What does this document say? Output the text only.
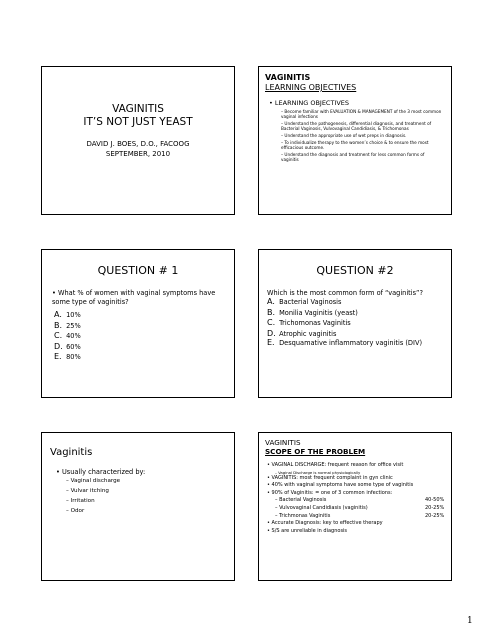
VAGINITIS
IT’S NOT JUST YEAST
DAVID J. BOES, D.O., FACOOG
SEPTEMBER, 2010
VAGINITIS
LEARNING OBJECTIVES
• LEARNING OBJECTIVES
– Become familiar with EVALUATION & MANAGEMENT of the 3 most common vaginal infections
– Understand the pathogenesis, differential diagnosis, and treatment of Bacterial Vaginosis, Vulvovaginal Candidiasis, & Trichomonas
– Understand the appropriate use of wet preps in diagnosis.
– To individualize therapy to the women’s choice & to ensure the most efficacious outcome.
– Understand the diagnosis and treatment for less common forms of vaginitis
QUESTION # 1
• What % of women with vaginal symptoms have some type of vaginitis?
A. 10%
B. 25%
C. 40%
D. 60%
E. 80%
QUESTION #2
Which is the most common form of “vaginitis”?
A. Bacterial Vaginosis
B. Monilia Vaginitis (yeast)
C. Trichomonas Vaginitis
D. Atrophic vaginitis
E. Desquamative inflammatory vaginitis (DIV)
Vaginitis
• Usually characterized by:
– Vaginal discharge
– Vulvar itching
– Irritation
– Odor
VAGINITIS
SCOPE OF THE PROBLEM
• VAGINAL DISCHARGE: frequent reason for office visit
– Vaginal Discharge is normal physiologically
• VAGINITIS: most frequent complaint in gyn clinic
• 40% with vaginal symptoms have some type of vaginitis
• 90% of Vaginitis: = one of 3 common infections:
– Bacterial Vaginosis	40-50%
– Vulvovaginal Candidiasis (vaginitis)	20-25%
– Trichmonas Vaginitis	20-25%
• Accurate Diagnosis: key to effective therapy
• S/S are unreliable in diagnosis
1
